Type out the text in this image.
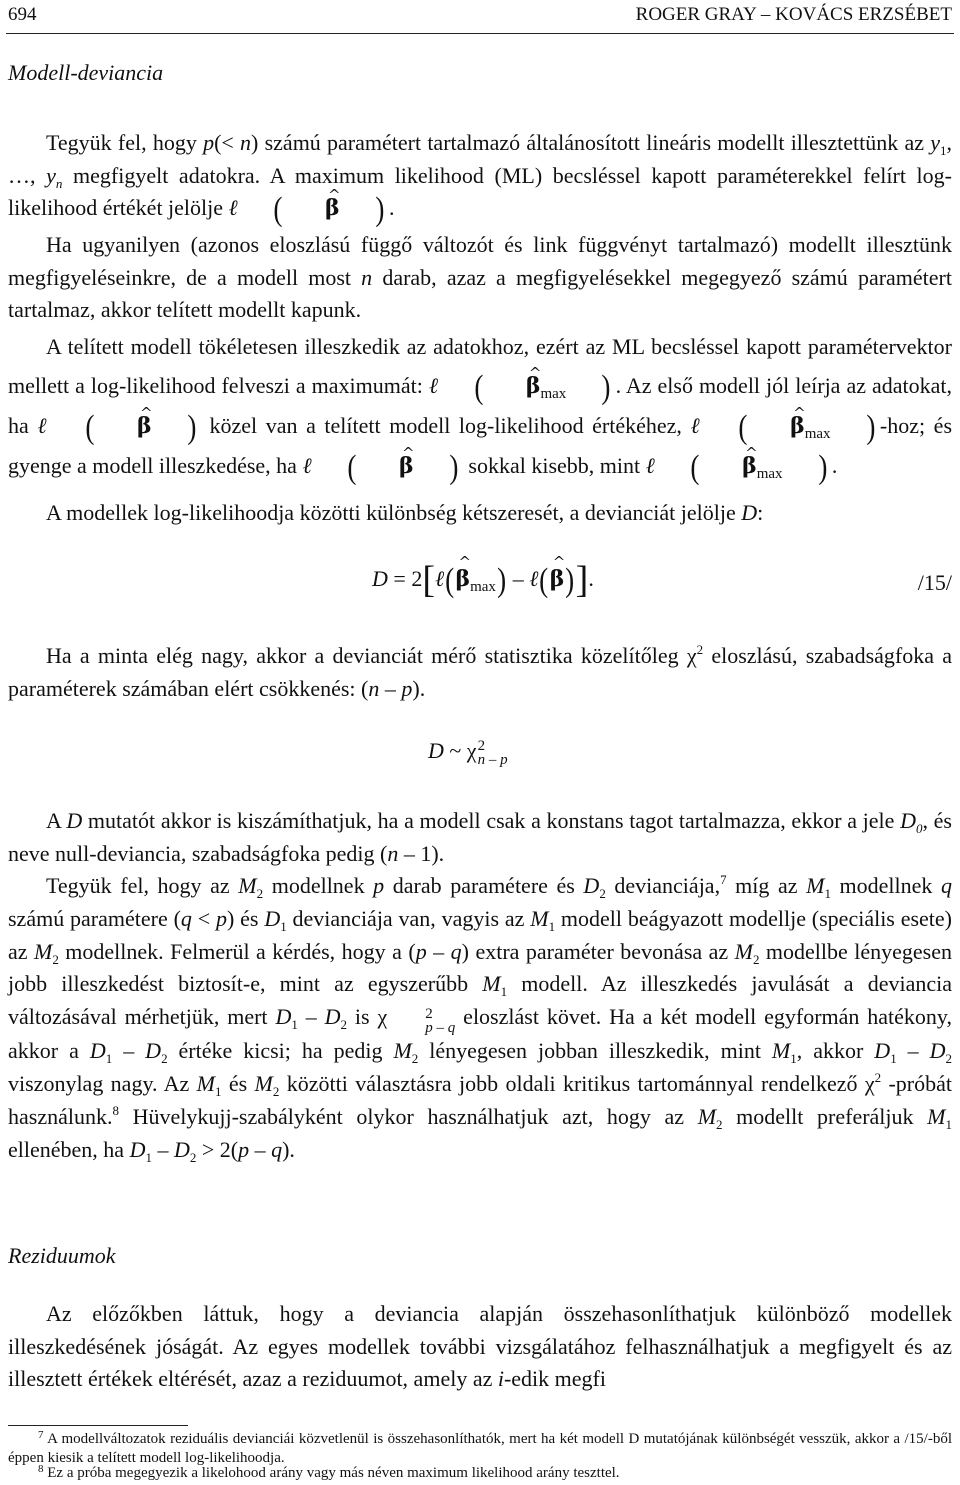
694	ROGER GRAY – KOVÁCS ERZSÉBET
Modell-deviancia

Tegyük fel, hogy p(< n) számú paramétert tartalmazó általánosított lineáris modellt illesztettünk az $y_1$, …, $y_n$ megfigyelt adatokra. A maximum likelihood (ML) becsléssel kapott paraméterekkel felírt log-likelihood értékét jelölje ℓ ( ^ β ) .

Ha ugyanilyen (azonos eloszlású függő változót és link függvényt tartalmazó) modellt illesztünk megfigyeléseinkre, de a modell most n darab, azaz a megfigyelésekkel megegyező számú paramétert tartalmaz, akkor telített modellt kapunk.

A telített modell tökéletesen illeszkedik az adatokhoz, ezért az ML becsléssel kapott paramétervektor mellett a log-likelihood felveszi a maximumát: ℓ ( ^ $\beta_{max}$ ) . Az első modell jól leírja az adatokat, ha ℓ ( ^ β ) közel van a telített modell log-likelihood értékéhez, ℓ ( ^ $\beta_{max}$ ) -hoz; és gyenge a modell illeszkedése, ha ℓ ( ^ β ) sokkal kisebb, mint ℓ ( ^ $\beta_{max}$ ) .

A modellek log-likelihoodja közötti különbség kétszeresét, a devianciát jelölje D:

D = 2[ℓ(^ $\beta_{max}$) – ℓ(^ β)].	/15/

Ha a minta elég nagy, akkor a devianciát mérő statisztika közelítőleg $\chi^2$ eloszlású, szabadságfoka a paraméterek számában elért csökkenés: (n – p).

D ~ χ 2
n – p

A D mutatót akkor is kiszámíthatjuk, ha a modell csak a konstans tagot tartalmazza, ekkor a jele $D_0$, és neve null-deviancia, szabadságfoka pedig (n – 1).

Tegyük fel, hogy az $M_2$ modellnek p darab paramétere és $D_2$ devianciája,$^7$ míg az $M_1$ modellnek q számú paramétere (q < p) és $D_1$ devianciája van, vagyis az $M_1$ modell beágyazott modellje (speciális esete) az $M_2$ modellnek. Felmerül a kérdés, hogy a (p – q) extra paraméter bevonása az $M_2$ modellbe lényegesen jobb illeszkedést biztosít-e, mint az egyszerűbb $M_1$ modell. Az illeszkedés javulását a deviancia változásával mérhetjük, mert $D_1 - D_2$ is χ	2
p – q eloszlást követ. Ha a két modell egyformán hatékony, akkor a $D_1 - D_2$ értéke kicsi; ha pedig $M_2$ lényegesen jobban illeszkedik, mint $M_1$, akkor $D_1 - D_2$ viszonylag nagy. Az $M_1$ és $M_2$ közötti választásra jobb oldali kritikus tartománnyal rendelkező $\chi^2$ -próbát használunk.$^8$ Hüvelykujj-szabályként olykor használhatjuk azt, hogy az $M_2$ modellt preferáljuk $M_1$ ellenében, ha $D_1 - D_2 > 2(p - q)$.

Reziduumok

Az előzőkben láttuk, hogy a deviancia alapján összehasonlíthatjuk különböző modellek illeszkedésének jóságát. Az egyes modellek további vizsgálatához felhasználhatjuk a megfigyelt és az illesztett értékek eltérését, azaz a reziduumot, amely az i-edik megfi

$^7$ A modellváltozatok reziduális devianciái közvetlenül is összehasonlíthatók, mert ha két modell D mutatójának különbségét vesszük, akkor a /15/-ből éppen kiesik a telített modell log-likelihoodja.

$^8$ Ez a próba megegyezik a likelohood arány vagy más néven maximum likelihood arány teszttel.
